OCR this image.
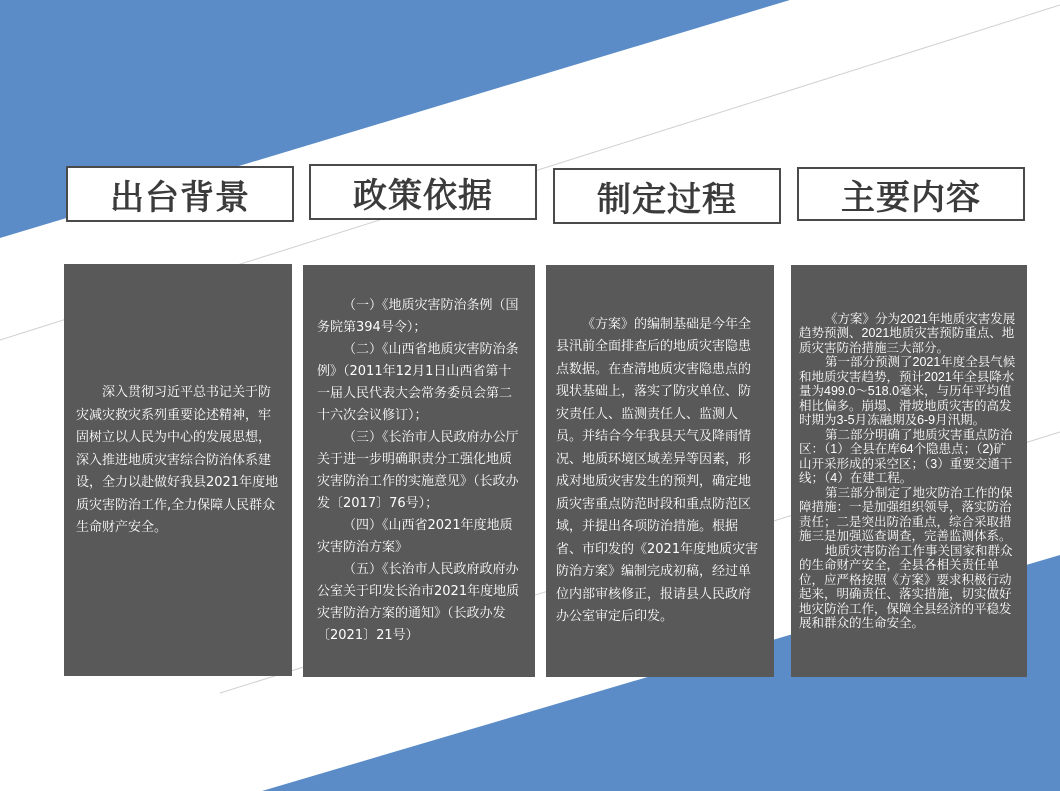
出台背景	政策依据	制定过程	主要内容

深入贯彻习近平总书记关于防灾减灾救灾系列重要论述精神，牢固树立以人民为中心的发展思想，深入推进地质灾害综合防治体系建设，全力以赴做好我县2021年度地质灾害防治工作,全力保障人民群众生命财产安全。

（一）《地质灾害防治条例（国务院第394号令）；

（二）《山西省地质灾害防治条例》（2011年12月1日山西省第十一届人民代表大会常务委员会第二十六次会议修订）；

（三）《长治市人民政府办公厅关于进一步明确职责分工强化地质灾害防治工作的实施意见》（长政办发〔2017〕76号）；

（四）《山西省2021年度地质灾害防治方案》

（五）《长治市人民政府政府办公室关于印发长治市2021年度地质灾害防治方案的通知》（长政办发〔2021〕21号）

《方案》的编制基础是今年全县汛前全面排查后的地质灾害隐患点数据。在查清地质灾害隐患点的现状基础上，落实了防灾单位、防灾责任人、监测责任人、监测人员。并结合今年我县天气及降雨情况、地质环境区域差异等因素，形成对地质灾害发生的预判，确定地质灾害重点防范时段和重点防范区域，并提出各项防治措施。根据省、市印发的《2021年度地质灾害防治方案》编制完成初稿，经过单位内部审核修正，报请县人民政府办公室审定后印发。

《方案》分为2021年地质灾害发展趋势预测、2021地质灾害预防重点、地质灾害防治措施三大部分。

第一部分预测了2021年度全县气候和地质灾害趋势，预计2021年全县降水量为499.0～518.0毫米，与历年平均值相比偏多。崩塌、滑坡地质灾害的高发时期为3-5月冻融期及6-9月汛期。

第二部分明确了地质灾害重点防治区：（1）全县在库64个隐患点；（2)矿山开采形成的采空区；（3）重要交通干线；（4）在建工程。

第三部分制定了地灾防治工作的保障措施：一是加强组织领导，落实防治责任；二是突出防治重点，综合采取措施三是加强巡查调查，完善监测体系。

地质灾害防治工作事关国家和群众的生命财产安全，全县各相关责任单位，应严格按照《方案》要求积极行动起来，明确责任、落实措施，切实做好地灾防治工作，保障全县经济的平稳发展和群众的生命安全。
